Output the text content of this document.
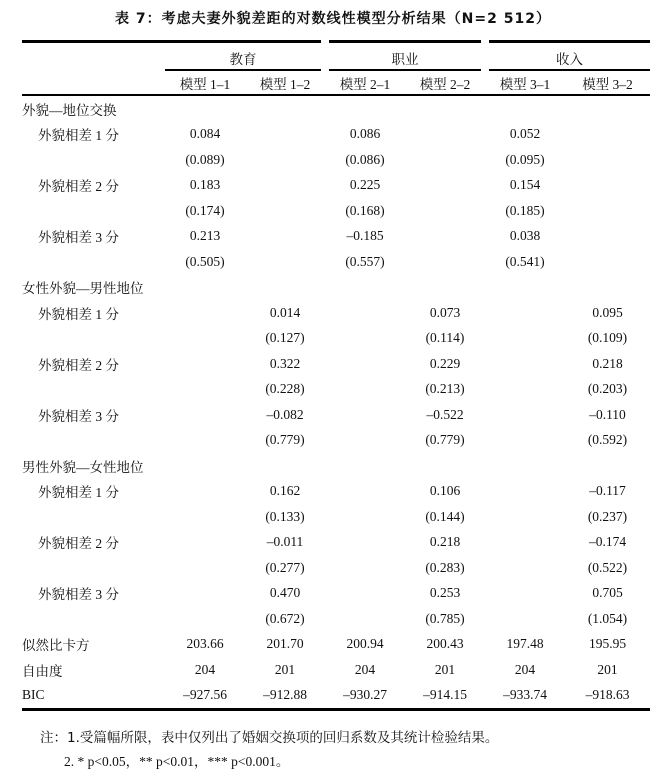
表 7：考虑夫妻外貌差距的对数线性模型分析结果（N=2 512）
	教育		职业		收入	
	模型 1–1	模型 1–2	模型 2–1	模型 2–2	模型 3–1	模型 3–2
外貌—地位交换						
外貌相差 1 分	0.084		0.086		0.052	
	(0.089)		(0.086)		(0.095)	
外貌相差 2 分	0.183		0.225		0.154	
	(0.174)		(0.168)		(0.185)	
外貌相差 3 分	0.213		–0.185		0.038	
	(0.505)		(0.557)		(0.541)	
女性外貌—男性地位						
外貌相差 1 分		0.014		0.073		0.095
		(0.127)		(0.114)		(0.109)
外貌相差 2 分		0.322		0.229		0.218
		(0.228)		(0.213)		(0.203)
外貌相差 3 分		–0.082		–0.522		–0.110
		(0.779)		(0.779)		(0.592)
男性外貌—女性地位						
外貌相差 1 分		0.162		0.106		–0.117
		(0.133)		(0.144)		(0.237)
外貌相差 2 分		–0.011		0.218		–0.174
		(0.277)		(0.283)		(0.522)
外貌相差 3 分		0.470		0.253		0.705
		(0.672)		(0.785)		(1.054)
似然比卡方	203.66	201.70	200.94	200.43	197.48	195.95
自由度	204	201	204	201	204	201
BIC	–927.56	–912.88	–930.27	–914.15	–933.74	–918.63
注：1.受篇幅所限，表中仅列出了婚姻交换项的回归系数及其统计检验结果。
2. * p<0.05，** p<0.01，*** p<0.001。
